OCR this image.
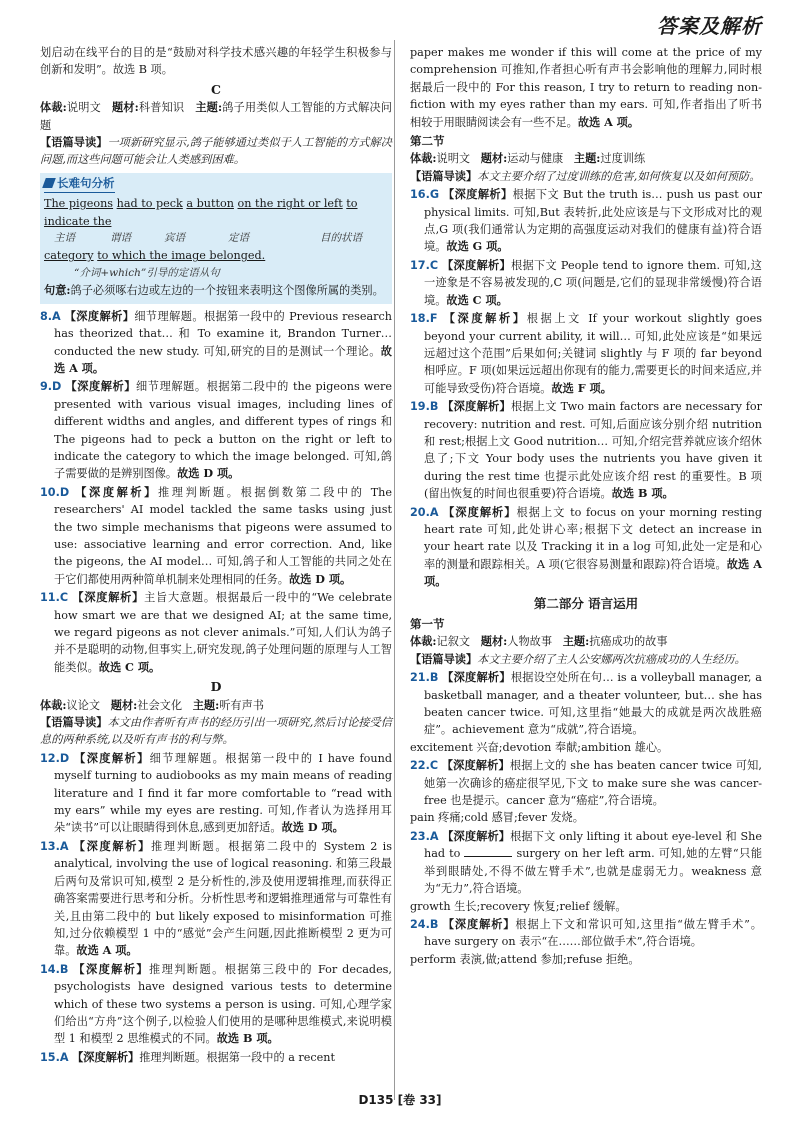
答案及解析

划启动在线平台的目的是“鼓励对科学技术感兴趣的年轻学生积极参与创新和发明”。故选 B 项。

C

体裁:说明文 题材:科普知识 主题:鸽子用类似人工智能的方式解决问题

【语篇导读】一项新研究显示,鸽子能够通过类似于人工智能的方式解决问题,而这些问题可能会让人类感到困难。

长难句分析

The pigeons had to peck a button on the right or left to indicate the

主语	谓语	宾语	定语	目的状语

category to which the image belonged.

“介词+which”引导的定语从句

句意:鸽子必须啄右边或左边的一个按钮来表明这个图像所属的类别。

8.A 【深度解析】细节理解题。根据第一段中的 Previous research has theorized that… 和 To examine it, Brandon Turner… conducted the new study. 可知,研究的目的是测试一个理论。故选 A 项。

9.D 【深度解析】细节理解题。根据第二段中的 the pigeons were presented with various visual images, including lines of different widths and angles, and different types of rings 和 The pigeons had to peck a button on the right or left to indicate the category to which the image belonged. 可知,鸽子需要做的是辨别图像。故选 D 项。

10.D 【深度解析】推理判断题。根据倒数第二段中的 The researchers' AI model tackled the same tasks using just the two simple mechanisms that pigeons were assumed to use: associative learning and error correction. And, like the pigeons, the AI model… 可知,鸽子和人工智能的共同之处在于它们都使用两种简单机制来处理相同的任务。故选 D 项。

11.C 【深度解析】主旨大意题。根据最后一段中的“We celebrate how smart we are that we designed AI; at the same time, we regard pigeons as not clever animals.”可知,人们认为鸽子并不是聪明的动物,但事实上,研究发现,鸽子处理问题的原理与人工智能类似。故选 C 项。

D

体裁:议论文 题材:社会文化 主题:听有声书

【语篇导读】本文由作者听有声书的经历引出一项研究,然后讨论接受信息的两种系统,以及听有声书的利与弊。

12.D 【深度解析】细节理解题。根据第一段中的 I have found myself turning to audiobooks as my main means of reading literature and I find it far more comfortable to “read with my ears” while my eyes are resting. 可知,作者认为选择用耳朵“读书”可以让眼睛得到休息,感到更加舒适。故选 D 项。

13.A 【深度解析】推理判断题。根据第二段中的 System 2 is analytical, involving the use of logical reasoning. 和第三段最后两句及常识可知,模型 2 是分析性的,涉及使用逻辑推理,而获得正确答案需要进行思考和分析。分析性思考和逻辑推理通常与可靠性有关,且由第二段中的 but likely exposed to misinformation 可推知,过分依赖模型 1 中的“感觉”会产生问题,因此推断模型 2 更为可靠。故选 A 项。

14.B 【深度解析】推理判断题。根据第三段中的 For decades, psychologists have designed various tests to determine which of these two systems a person is using. 可知,心理学家们给出“方舟”这个例子,以检验人们使用的是哪种思维模式,来说明模型 1 和模型 2 思维模式的不同。故选 B 项。

15.A 【深度解析】推理判断题。根据第一段中的 a recent

paper makes me wonder if this will come at the price of my comprehension 可推知,作者担心听有声书会影响他的理解力,同时根据最后一段中的 For this reason, I try to return to reading non-fiction with my eyes rather than my ears. 可知,作者指出了听书相较于用眼睛阅读会有一些不足。故选 A 项。

第二节

体裁:说明文 题材:运动与健康 主题:过度训练

【语篇导读】本文主要介绍了过度训练的危害,如何恢复以及如何预防。

16.G 【深度解析】根据下文 But the truth is… push us past our physical limits. 可知,But 表转折,此处应该是与下文形成对比的观点,G 项(我们通常认为定期的高强度运动对我们的健康有益)符合语境。故选 G 项。

17.C 【深度解析】根据下文 People tend to ignore them. 可知,这一迹象是不容易被发现的,C 项(问题是,它们的显现非常缓慢)符合语境。故选 C 项。

18.F 【深度解析】根据上文 If your workout slightly goes beyond your current ability, it will… 可知,此处应该是“如果远远超过这个范围”后果如何;关键词 slightly 与 F 项的 far beyond 相呼应。F 项(如果远远超出你现有的能力,需要更长的时间来适应,并可能导致受伤)符合语境。故选 F 项。

19.B 【深度解析】根据上文 Two main factors are necessary for recovery: nutrition and rest. 可知,后面应该分别介绍 nutrition 和 rest;根据上文 Good nutrition… 可知,介绍完营养就应该介绍休息了;下文 Your body uses the nutrients you have given it during the rest time 也提示此处应该介绍 rest 的重要性。B 项(留出恢复的时间也很重要)符合语境。故选 B 项。

20.A 【深度解析】根据上文 to focus on your morning resting heart rate 可知,此处讲心率;根据下文 detect an increase in your heart rate 以及 Tracking it in a log 可知,此处一定是和心率的测量和跟踪相关。A 项(它很容易测量和跟踪)符合语境。故选 A 项。

第二部分 语言运用
第一节

体裁:记叙文 题材:人物故事 主题:抗癌成功的故事

【语篇导读】本文主要介绍了主人公安娜两次抗癌成功的人生经历。

21.B 【深度解析】根据设空处所在句… is a volleyball manager, a basketball manager, and a theater volunteer, but… she has beaten cancer twice. 可知,这里指“她最大的成就是两次战胜癌症”。achievement 意为“成就”,符合语境。

excitement 兴奋;devotion 奉献;ambition 雄心。

22.C 【深度解析】根据上文的 she has beaten cancer twice 可知,她第一次确诊的癌症很罕见,下文 to make sure she was cancer-free 也是提示。cancer 意为“癌症”,符合语境。

pain 疼痛;cold 感冒;fever 发烧。

23.A 【深度解析】根据下文 only lifting it about eye-level 和 She had to	surgery on her left arm. 可知,她的左臂“只能举到眼睛处,不得不做左臂手术”,也就是虚弱无力。weakness 意为“无力”,符合语境。

growth 生长;recovery 恢复;relief 缓解。

24.B 【深度解析】根据上下文和常识可知,这里指“做左臂手术”。have surgery on 表示“在……部位做手术”,符合语境。

perform 表演,做;attend 参加;refuse 拒绝。

D135 [卷 33]
